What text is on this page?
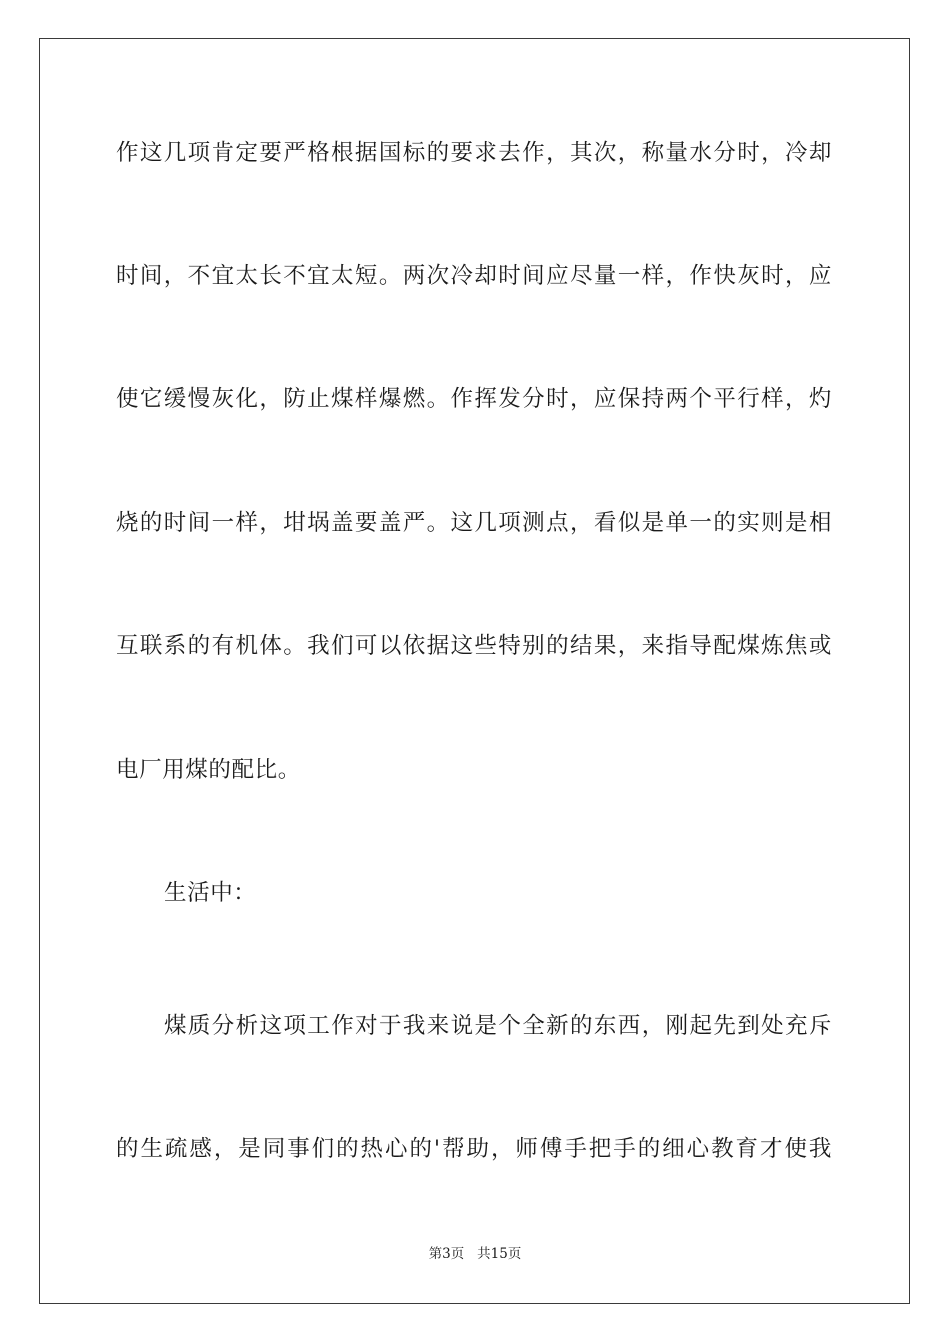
作这几项肯定要严格根据国标的要求去作，其次，称量水分时，冷却
时间，不宜太长不宜太短。两次冷却时间应尽量一样，作快灰时，应
使它缓慢灰化，防止煤样爆燃。作挥发分时，应保持两个平行样，灼
烧的时间一样，坩埚盖要盖严。这几项测点，看似是单一的实则是相
互联系的有机体。我们可以依据这些特别的结果，来指导配煤炼焦或
电厂用煤的配比。
生活中：
煤质分析这项工作对于我来说是个全新的东西，刚起先到处充斥
的生疏感，是同事们的热心的'帮助，师傅手把手的细心教育才使我
第3页 共15页
